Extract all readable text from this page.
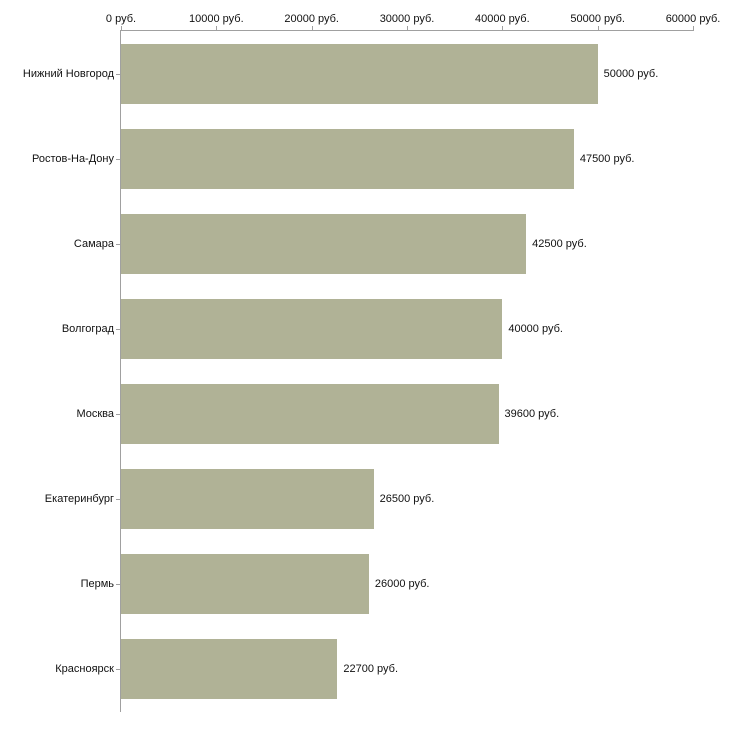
0 руб.	10000 руб.	20000 руб.	30000 руб.	40000 руб.	50000 руб.	60000 руб.
50000 руб.
47500 руб.
42500 руб.
40000 руб.
39600 руб.
26500 руб.
26000 руб.
22700 руб.
Нижний Новгород
Ростов-На-Дону
Самара
Волгоград
Москва
Екатеринбург
Пермь
Красноярск
